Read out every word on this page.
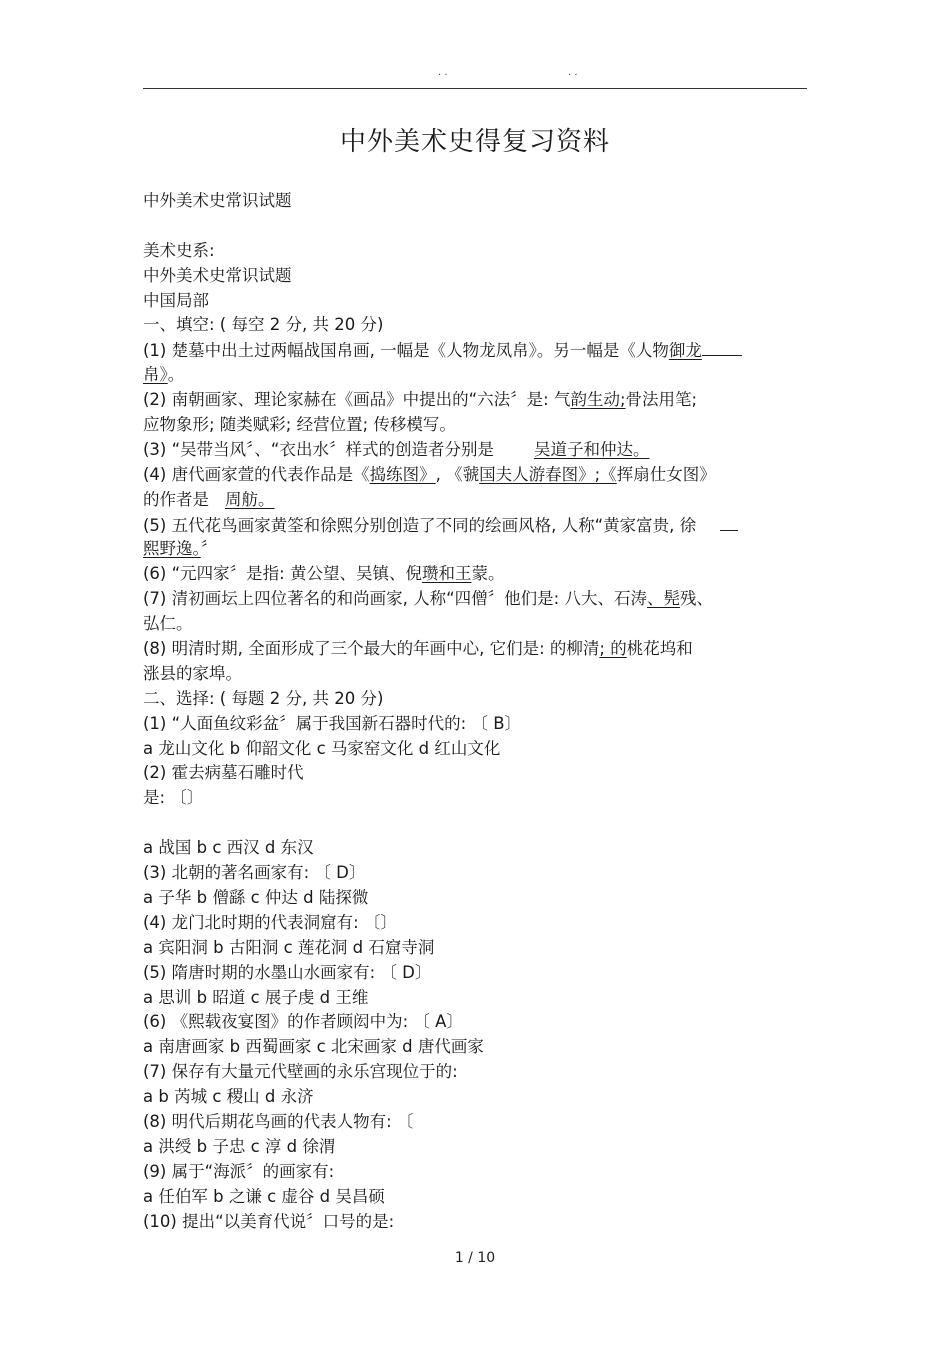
· ·	· ·
中外美术史得复习资料
中外美术史常识试题
美术史系:
中外美术史常识试题
中国局部
一、填空: ( 每空 2 分, 共 20 分)
(1) 楚墓中出土过两幅战国帛画, 一幅是《人物龙凤帛》。另一幅是《人物御龙
帛》。
(2) 南朝画家、理论家赫在《画品》中提出的“六法〞是: 气韵生动;骨法用笔;
应物象形; 随类赋彩; 经营位置; 传移模写。
(3) “吴带当风〞、“衣出水〞样式的创造者分别是 吴道子和仲达。
(4) 唐代画家萱的代表作品是《捣练图》, 《虢国夫人游春图》;《挥扇仕女图》
的作者是 周舫。
(5) 五代花鸟画家黄筌和徐熙分别创造了不同的绘画风格, 人称“黄家富贵, 徐
熙野逸。〞
(6) “元四家〞是指: 黄公望、吴镇、倪瓒和王蒙。
(7) 清初画坛上四位著名的和尚画家, 人称“四僧〞他们是: 八大、石涛、髡残、
弘仁。
(8) 明清时期, 全面形成了三个最大的年画中心, 它们是: 的柳清; 的桃花坞和
涨县的家埠。
二、选择: ( 每题 2 分, 共 20 分)
(1) “人面鱼纹彩盆〞属于我国新石器时代的: 〔 B〕
a 龙山文化 b 仰韶文化 c 马家窑文化 d 红山文化
(2) 霍去病墓石雕时代
是: 〔〕
a 战国 b c 西汉 d 东汉
(3) 北朝的著名画家有: 〔 D〕
a 子华 b 僧繇 c 仲达 d 陆探微
(4) 龙门北时期的代表洞窟有: 〔〕
a 宾阳洞 b 古阳洞 c 莲花洞 d 石窟寺洞
(5) 隋唐时期的水墨山水画家有: 〔 D〕
a 思训 b 昭道 c 展子虔 d 王维
(6) 《熙载夜宴图》的作者顾闳中为: 〔 A〕
a 南唐画家 b 西蜀画家 c 北宋画家 d 唐代画家
(7) 保存有大量元代壁画的永乐宫现位于的:
a b 芮城 c 稷山 d 永济
(8) 明代后期花鸟画的代表人物有: 〔
a 洪绶 b 子忠 c 淳 d 徐渭
(9) 属于“海派〞的画家有:
a 任伯军 b 之谦 c 虚谷 d 吴昌硕
(10) 提出“以美育代说〞口号的是:
1 / 10
